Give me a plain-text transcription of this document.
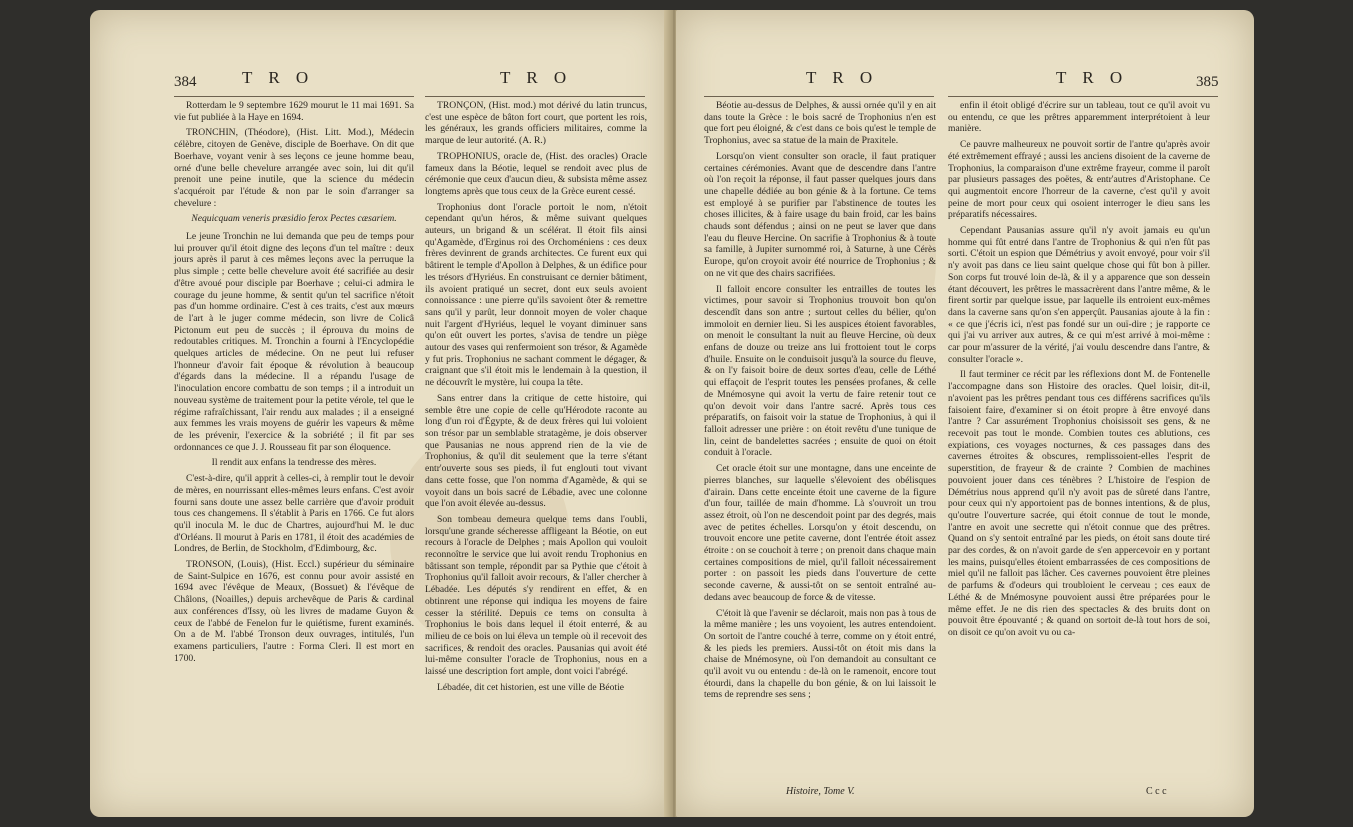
384	T R O	T R O

Rotterdam le 9 septembre 1629 mourut le 11 mai 1691. Sa vie fut publiée à la Haye en 1694.

TRONCHIN, (Théodore), (Hist. Litt. Mod.), Médecin célèbre, citoyen de Genève, disciple de Boerhave. On dit que Boerhave, voyant venir à ses leçons ce jeune homme beau, orné d'une belle chevelure arrangée avec soin, lui dit qu'il prenoit une peine inutile, que la science du médecin s'acquéroit par l'étude & non par le soin d'arranger sa chevelure :

Nequicquam veneris præsidio ferox Pectes cæsariem.

Le jeune Tronchin ne lui demanda que peu de temps pour lui prouver qu'il étoit digne des leçons d'un tel maître : deux jours après il parut à ces mêmes leçons avec la perruque la plus simple ; cette belle chevelure avoit été sacrifiée au desir d'être avoué pour disciple par Boerhave ; celui-ci admira le courage du jeune homme, & sentit qu'un tel sacrifice n'étoit pas d'un homme ordinaire. C'est à ces traits, c'est aux mœurs de l'art à le juger comme médecin, son livre de Colicâ Pictonum eut peu de succès ; il éprouva du moins de redoutables critiques. M. Tronchin a fourni à l'Encyclopédie quelques articles de médecine. On ne peut lui refuser l'honneur d'avoir fait époque & révolution à beaucoup d'égards dans la médecine. Il a répandu l'usage de l'inoculation encore combattu de son temps ; il a introduit un nouveau système de traitement pour la petite vérole, tel que le régime rafraîchissant, l'air rendu aux malades ; il a enseigné aux femmes les vrais moyens de guérir les vapeurs & même de les prévenir, l'exercice & la sobriété ; il fit par ses ordonnances ce que J. J. Rousseau fit par son éloquence.

Il rendit aux enfans la tendresse des mères.

C'est-à-dire, qu'il apprit à celles-ci, à remplir tout le devoir de mères, en nourrissant elles-mêmes leurs enfans. C'est avoir fourni sans doute une assez belle carrière que d'avoir produit tous ces changemens. Il s'établit à Paris en 1766. Ce fut alors qu'il inocula M. le duc de Chartres, aujourd'hui M. le duc d'Orléans. Il mourut à Paris en 1781, il étoit des académies de Londres, de Berlin, de Stockholm, d'Edimbourg, &c.

TRONSON, (Louis), (Hist. Eccl.) supérieur du séminaire de Saint-Sulpice en 1676, est connu pour avoir assisté en 1694 avec l'évêque de Meaux, (Bossuet) & l'évêque de Châlons, (Noailles,) depuis archevêque de Paris & cardinal aux conférences d'Issy, où les livres de madame Guyon & ceux de l'abbé de Fenelon fur le quiétisme, furent examinés. On a de M. l'abbé Tronson deux ouvrages, intitulés, l'un examens particuliers, l'autre : Forma Cleri. Il est mort en 1700.

TRONÇON, (Hist. mod.) mot dérivé du latin truncus, c'est une espèce de bâton fort court, que portent les rois, les généraux, les grands officiers militaires, comme la marque de leur autorité. (A. R.)

TROPHONIUS, oracle de, (Hist. des oracles) Oracle fameux dans la Béotie, lequel se rendoit avec plus de cérémonie que ceux d'aucun dieu, & subsista même assez longtems après que tous ceux de la Grèce eurent cessé.

Trophonius dont l'oracle portoit le nom, n'étoit cependant qu'un héros, & même suivant quelques auteurs, un brigand & un scélérat. Il étoit fils ainsi qu'Agamède, d'Erginus roi des Orchoméniens : ces deux frères devinrent de grands architectes. Ce furent eux qui bâtirent le temple d'Apollon à Delphes, & un édifice pour les trésors d'Hyriéus. En construisant ce dernier bâtiment, ils avoient pratiqué un secret, dont eux seuls avoient connoissance : une pierre qu'ils savoient ôter & remettre sans qu'il y parût, leur donnoit moyen de voler chaque nuit l'argent d'Hyriéus, lequel le voyant diminuer sans qu'on eût ouvert les portes, s'avisa de tendre un piège autour des vases qui renfermoient son trésor, & Agamède y fut pris. Trophonius ne sachant comment le dégager, & craignant que s'il étoit mis le lendemain à la question, il ne découvrît le mystère, lui coupa la tête.

Sans entrer dans la critique de cette histoire, qui semble être une copie de celle qu'Hérodote raconte au long d'un roi d'Égypte, & de deux frères qui lui voloient son trésor par un semblable stratagème, je dois observer que Pausanias ne nous apprend rien de la vie de Trophonius, & qu'il dit seulement que la terre s'étant entr'ouverte sous ses pieds, il fut englouti tout vivant dans cette fosse, que l'on nomma d'Agamède, & qui se voyoit dans un bois sacré de Lébadie, avec une colonne que l'on avoit élevée au-dessus.

Son tombeau demeura quelque tems dans l'oubli, lorsqu'une grande sécheresse affligeant la Béotie, on eut recours à l'oracle de Delphes ; mais Apollon qui vouloit reconnoître le service que lui avoit rendu Trophonius en bâtissant son temple, répondit par sa Pythie que c'étoit à Trophonius qu'il falloit avoir recours, & l'aller chercher à Lébadée. Les députés s'y rendirent en effet, & en obtinrent une réponse qui indiqua les moyens de faire cesser la stérilité. Depuis ce tems on consulta à Trophonius le bois dans lequel il étoit enterré, & au milieu de ce bois on lui éleva un temple où il recevoit des sacrifices, & rendoit des oracles. Pausanias qui avoit été lui-même consulter l'oracle de Trophonius, nous en a laissé une description fort ample, dont voici l'abrégé.

Lébadée, dit cet historien, est une ville de Béotie

T R O	T R O	385

Béotie au-dessus de Delphes, & aussi ornée qu'il y en ait dans toute la Grèce : le bois sacré de Trophonius n'en est que fort peu éloigné, & c'est dans ce bois qu'est le temple de Trophonius, avec sa statue de la main de Praxitele.

Lorsqu'on vient consulter son oracle, il faut pratiquer certaines cérémonies. Avant que de descendre dans l'antre où l'on reçoit la réponse, il faut passer quelques jours dans une chapelle dédiée au bon génie & à la fortune. Ce tems est employé à se purifier par l'abstinence de toutes les choses illicites, & à faire usage du bain froid, car les bains chauds sont défendus ; ainsi on ne peut se laver que dans l'eau du fleuve Hercine. On sacrifie à Trophonius & à toute sa famille, à Jupiter surnommé roi, à Saturne, à une Cérès Europe, qu'on croyoit avoir été nourrice de Trophonius ; & on ne vit que des chairs sacrifiées.

Il falloit encore consulter les entrailles de toutes les victimes, pour savoir si Trophonius trouvoit bon qu'on descendît dans son antre ; surtout celles du bélier, qu'on immoloit en dernier lieu. Si les auspices étoient favorables, on menoit le consultant la nuit au fleuve Hercine, où deux enfans de douze ou treize ans lui frottoient tout le corps d'huile. Ensuite on le conduisoit jusqu'à la source du fleuve, & on l'y faisoit boire de deux sortes d'eau, celle de Léthé qui effaçoit de l'esprit toutes les pensées profanes, & celle de Mnémosyne qui avoit la vertu de faire retenir tout ce qu'on devoit voir dans l'antre sacré. Après tous ces préparatifs, on faisoit voir la statue de Trophonius, à qui il falloit adresser une prière : on étoit revêtu d'une tunique de lin, ceint de bandelettes sacrées ; ensuite de quoi on étoit conduit à l'oracle.

Cet oracle étoit sur une montagne, dans une enceinte de pierres blanches, sur laquelle s'élevoient des obélisques d'airain. Dans cette enceinte étoit une caverne de la figure d'un four, taillée de main d'homme. Là s'ouvroit un trou assez étroit, où l'on ne descendoit point par des degrés, mais avec de petites échelles. Lorsqu'on y étoit descendu, on trouvoit encore une petite caverne, dont l'entrée étoit assez étroite : on se couchoit à terre ; on prenoit dans chaque main certaines compositions de miel, qu'il falloit nécessairement porter : on passoit les pieds dans l'ouverture de cette seconde caverne, & aussi-tôt on se sentoit entraîné au-dedans avec beaucoup de force & de vitesse.

C'étoit là que l'avenir se déclaroit, mais non pas à tous de la même manière ; les uns voyoient, les autres entendoient. On sortoit de l'antre couché à terre, comme on y étoit entré, & les pieds les premiers. Aussi-tôt on étoit mis dans la chaise de Mnémosyne, où l'on demandoit au consultant ce qu'il avoit vu ou entendu : de-là on le ramenoit, encore tout étourdi, dans la chapelle du bon génie, & on lui laissoit le tems de reprendre ses sens ;

enfin il étoit obligé d'écrire sur un tableau, tout ce qu'il avoit vu ou entendu, ce que les prêtres apparemment interprétoient à leur manière.

Ce pauvre malheureux ne pouvoit sortir de l'antre qu'après avoir été extrêmement effrayé ; aussi les anciens disoient de la caverne de Trophonius, la comparaison d'une extrême frayeur, comme il paroît par plusieurs passages des poëtes, & entr'autres d'Aristophane. Ce qui augmentoit encore l'horreur de la caverne, c'est qu'il y avoit peine de mort pour ceux qui osoient interroger le dieu sans les préparatifs nécessaires.

Cependant Pausanias assure qu'il n'y avoit jamais eu qu'un homme qui fût entré dans l'antre de Trophonius & qui n'en fût pas sorti. C'étoit un espion que Démétrius y avoit envoyé, pour voir s'il n'y avoit pas dans ce lieu saint quelque chose qui fût bon à piller. Son corps fut trouvé loin de-là, & il y a apparence que son dessein étant découvert, les prêtres le massacrèrent dans l'antre même, & le firent sortir par quelque issue, par laquelle ils entroient eux-mêmes dans la caverne sans qu'on s'en apperçût. Pausanias ajoute à la fin : « ce que j'écris ici, n'est pas fondé sur un ouï-dire ; je rapporte ce qui j'ai vu arriver aux autres, & ce qui m'est arrivé à moi-même : car pour m'assurer de la vérité, j'ai voulu descendre dans l'antre, & consulter l'oracle ».

Il faut terminer ce récit par les réflexions dont M. de Fontenelle l'accompagne dans son Histoire des oracles. Quel loisir, dit-il, n'avoient pas les prêtres pendant tous ces différens sacrifices qu'ils faisoient faire, d'examiner si on étoit propre à être envoyé dans l'antre ? Car assurément Trophonius choisissoit ses gens, & ne recevoit pas tout le monde. Combien toutes ces ablutions, ces expiations, ces voyages nocturnes, & ces passages dans des cavernes étroites & obscures, remplissoient-elles l'esprit de superstition, de frayeur & de crainte ? Combien de machines pouvoient jouer dans ces ténèbres ? L'histoire de l'espion de Démétrius nous apprend qu'il n'y avoit pas de sûreté dans l'antre, pour ceux qui n'y apportoient pas de bonnes intentions, & de plus, qu'outre l'ouverture sacrée, qui étoit connue de tout le monde, l'antre en avoit une secrette qui n'étoit connue que des prêtres. Quand on s'y sentoit entraîné par les pieds, on étoit sans doute tiré par des cordes, & on n'avoit garde de s'en appercevoir en y portant les mains, puisqu'elles étoient embarrassées de ces compositions de miel qu'il ne falloit pas lâcher. Ces cavernes pouvoient être pleines de parfums & d'odeurs qui troubloient le cerveau ; ces eaux de Léthé & de Mnémosyne pouvoient aussi être préparées pour le même effet. Je ne dis rien des spectacles & des bruits dont on pouvoit être épouvanté ; & quand on sortoit de-là tout hors de soi, on disoit ce qu'on avoit vu ou ca-

Histoire, Tome V.	C c c
